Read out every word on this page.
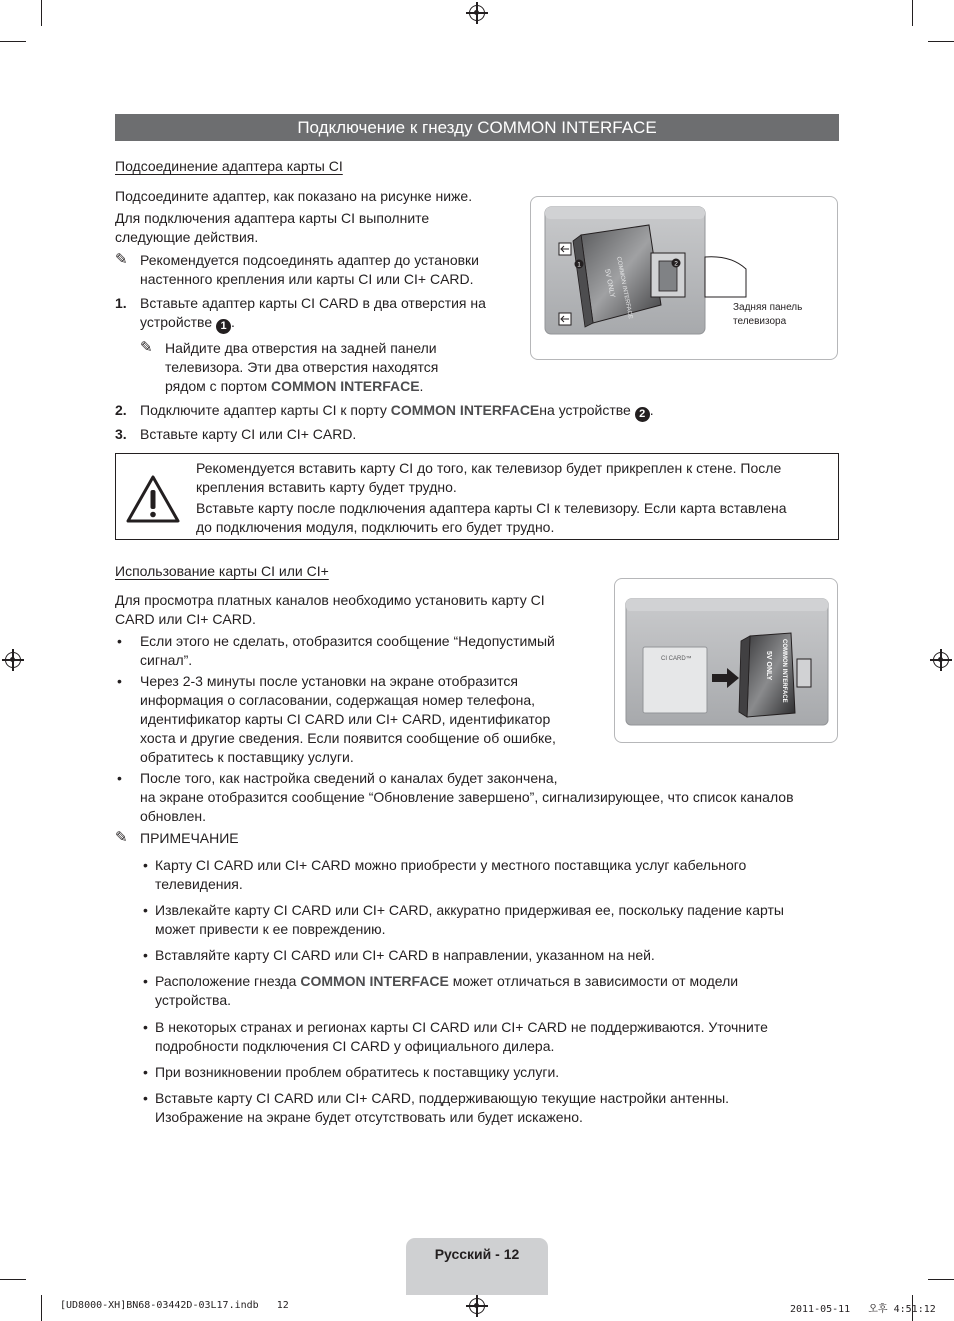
Подключение к гнезду COMMON INTERFACE
Подсоединение адаптера карты CI
Подсоедините адаптер, как показано на рисунке ниже.
Для подключения адаптера карты CI выполните
следующие действия.
✎ Рекомендуется подсоединять адаптер до установки
настенного крепления или карты CI или CI+ CARD.
1. Вставьте адаптер карты CI CARD в два отверстия на
устройстве 1 .
✎ Найдите два отверстия на задней панели
телевизора. Эти два отверстия находятся
рядом с портом COMMON INTERFACE.
2. Подключите адаптер карты CI к порту COMMON INTERFACEна устройстве 2 .
3. Вставьте карту CI или CI+ CARD.
COMMON INTERFACE
5V ONLY
1	2
Задняя панель
телевизора
Рекомендуется вставить карту CI до того, как телевизор будет прикреплен к стене. После
крепления вставить карту будет трудно.
Вставьте карту после подключения адаптера карты CI к телевизору. Если карта вставлена
до подключения модуля, подключить его будет трудно.
Использование карты CI или CI+
Для просмотра платных каналов необходимо установить карту CI
CARD или CI+ CARD.
• Если этого не сделать, отобразится сообщение “Недопустимый
сигнал”.
• Через 2-3 минуты после установки на экране отобразится
информация о согласовании, содержащая номер телефона,
идентификатор карты CI CARD или CI+ CARD, идентификатор
хоста и другие сведения. Если появится сообщение об ошибке,
обратитесь к поставщику услуги.
• После того, как настройка сведений о каналах будет закончена,
на экране отобразится сообщение “Обновление завершено”, сигнализирующее, что список каналов
обновлен.
COMMON INTERFACE
5V ONLY
CI CARD™
✎ ПРИМЕЧАНИЕ
• Карту CI CARD или CI+ CARD можно приобрести у местного поставщика услуг кабельного
телевидения.
• Извлекайте карту CI CARD или CI+ CARD, аккуратно придерживая ее, поскольку падение карты
может привести к ее повреждению.
• Вставляйте карту CI CARD или CI+ CARD в направлении, указанном на ней.
• Расположение гнезда COMMON INTERFACE может отличаться в зависимости от модели
устройства.
• В некоторых странах и регионах карты CI CARD или CI+ CARD не поддерживаются. Уточните
подробности подключения CI CARD у официального дилера.
• При возникновении проблем обратитесь к поставщику услуги.
• Вставьте карту CI CARD или CI+ CARD, поддерживающую текущие настройки антенны.
Изображение на экране будет отсутствовать или будет искажено.
Русский - 12
[UD8000-XH]BN68-03442D-03L17.indb   12	2011-05-11   오후 4:51:12
